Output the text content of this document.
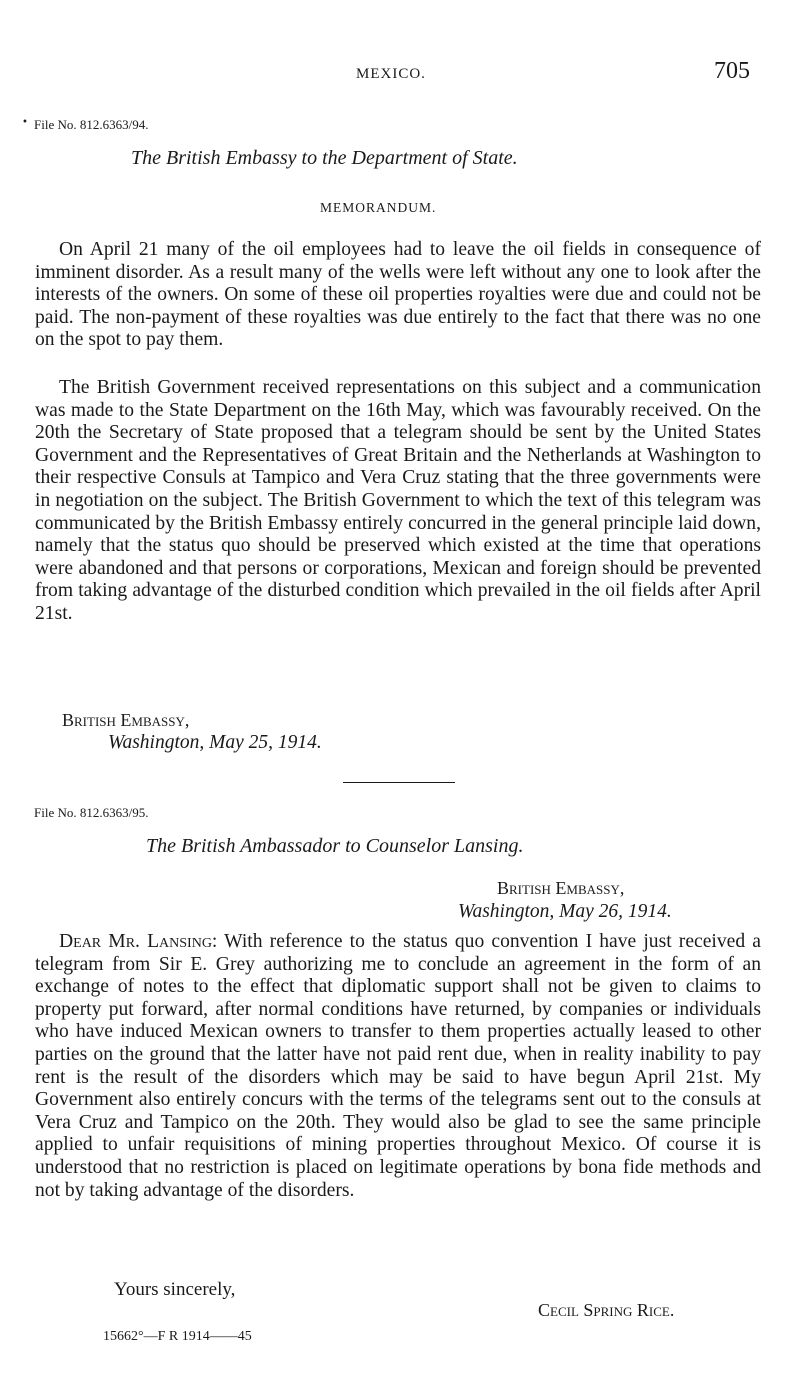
MEXICO.	705
• File No. 812.6363/94.
The British Embassy to the Department of State.
MEMORANDUM.
On April 21 many of the oil employees had to leave the oil fields in consequence of imminent disorder. As a result many of the wells were left without any one to look after the interests of the owners. On some of these oil properties royalties were due and could not be paid. The non-payment of these royalties was due entirely to the fact that there was no one on the spot to pay them.
The British Government received representations on this subject and a communication was made to the State Department on the 16th May, which was favourably received. On the 20th the Secretary of State proposed that a telegram should be sent by the United States Government and the Representatives of Great Britain and the Netherlands at Washington to their respective Consuls at Tampico and Vera Cruz stating that the three governments were in negotiation on the subject. The British Government to which the text of this telegram was communicated by the British Embassy entirely concurred in the general principle laid down, namely that the status quo should be preserved which existed at the time that operations were abandoned and that persons or corporations, Mexican and foreign should be prevented from taking advantage of the disturbed condition which prevailed in the oil fields after April 21st.
British Embassy,
Washington, May 25, 1914.
File No. 812.6363/95.
The British Ambassador to Counselor Lansing.
British Embassy,
Washington, May 26, 1914.
Dear Mr. Lansing: With reference to the status quo convention I have just received a telegram from Sir E. Grey authorizing me to conclude an agreement in the form of an exchange of notes to the effect that diplomatic support shall not be given to claims to property put forward, after normal conditions have returned, by companies or individuals who have induced Mexican owners to transfer to them properties actually leased to other parties on the ground that the latter have not paid rent due, when in reality inability to pay rent is the result of the disorders which may be said to have begun April 21st. My Government also entirely concurs with the terms of the telegrams sent out to the consuls at Vera Cruz and Tampico on the 20th. They would also be glad to see the same principle applied to unfair requisitions of mining properties throughout Mexico. Of course it is understood that no restriction is placed on legitimate operations by bona fide methods and not by taking advantage of the disorders.
Yours sincerely,
Cecil Spring Rice.
15662°—F R 1914——45
